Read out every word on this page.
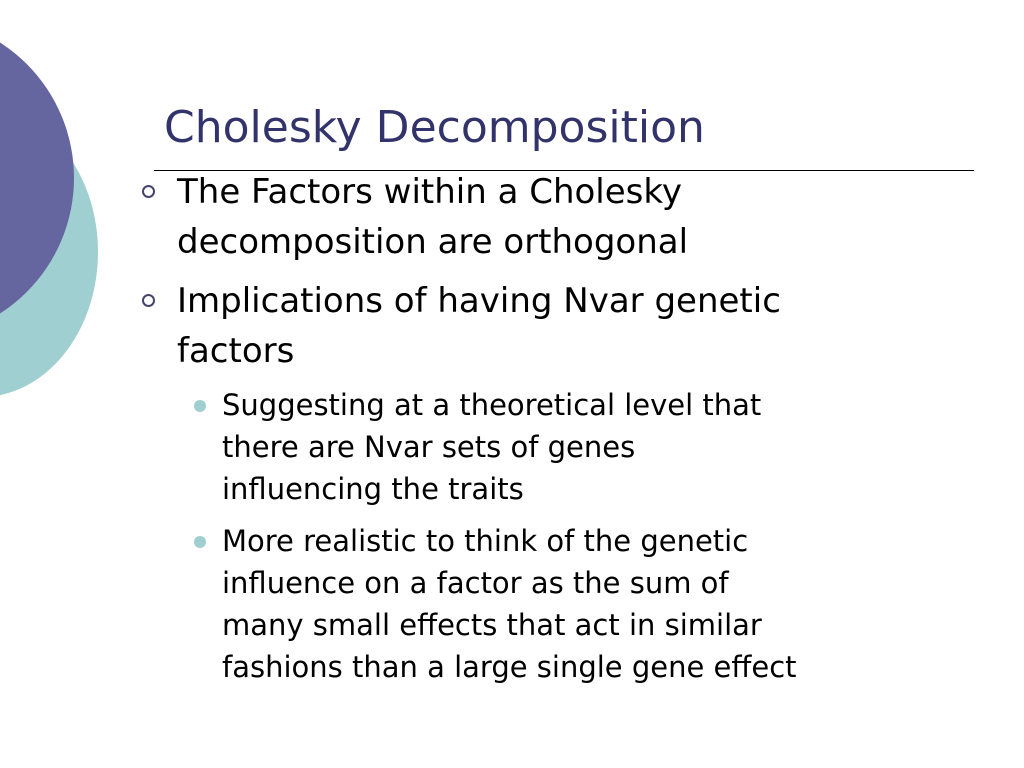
Cholesky Decomposition
The Factors within a Cholesky
decomposition are orthogonal
Implications of having Nvar genetic
factors
Suggesting at a theoretical level that
there are Nvar sets of genes
influencing the traits
More realistic to think of the genetic
influence on a factor as the sum of
many small effects that act in similar
fashions than a large single gene effect
